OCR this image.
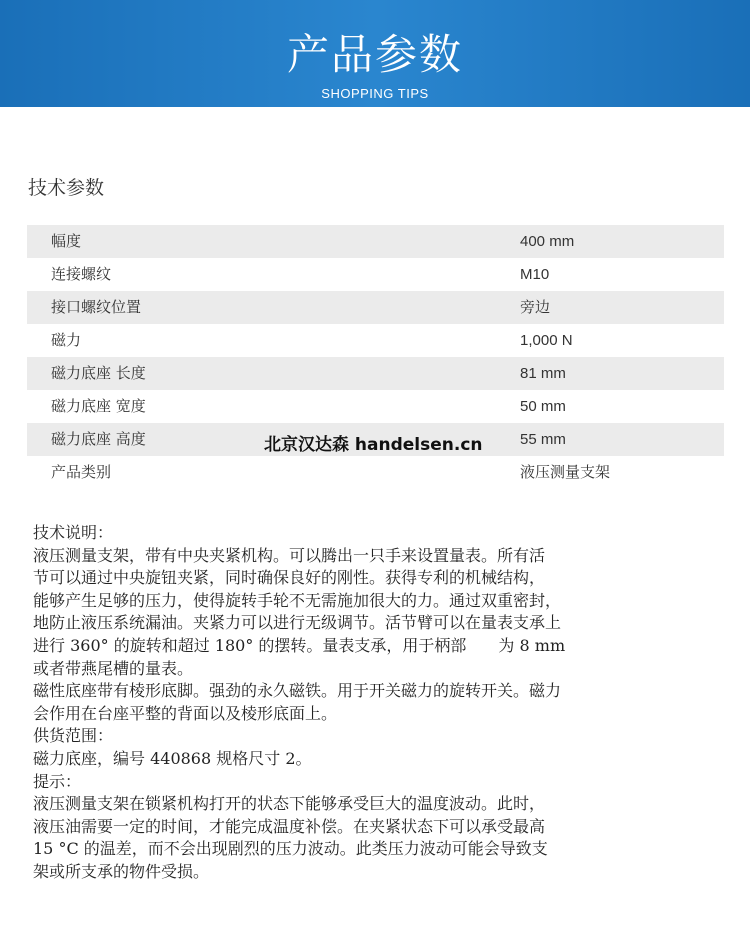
产品参数
SHOPPING TIPS
技术参数
幅度	400 mm
连接螺纹	M10
接口螺纹位置	旁边
磁力	1,000 N
磁力底座 长度	81 mm
磁力底座 宽度	50 mm
磁力底座 高度	55 mm
产品类别	液压测量支架
北京汉达森 handelsen.cn
技术说明：
液压测量支架，带有中央夹紧机构。可以腾出一只手来设置量表。所有活
节可以通过中央旋钮夹紧，同时确保良好的刚性。获得专利的机械结构，
能够产生足够的压力，使得旋转手轮不无需施加很大的力。通过双重密封，
地防止液压系统漏油。夹紧力可以进行无级调节。活节臂可以在量表支承上
进行 360° 的旋转和超过 180° 的摆转。量表支承，用于柄部　　为 8 mm
或者带燕尾槽的量表。
磁性底座带有棱形底脚。强劲的永久磁铁。用于开关磁力的旋转开关。磁力
会作用在台座平整的背面以及棱形底面上。
供货范围：
磁力底座，编号 440868 规格尺寸 2。
提示：
液压测量支架在锁紧机构打开的状态下能够承受巨大的温度波动。此时，
液压油需要一定的时间，才能完成温度补偿。在夹紧状态下可以承受最高
15 °C 的温差，而不会出现剧烈的压力波动。此类压力波动可能会导致支
架或所支承的物件受损。
